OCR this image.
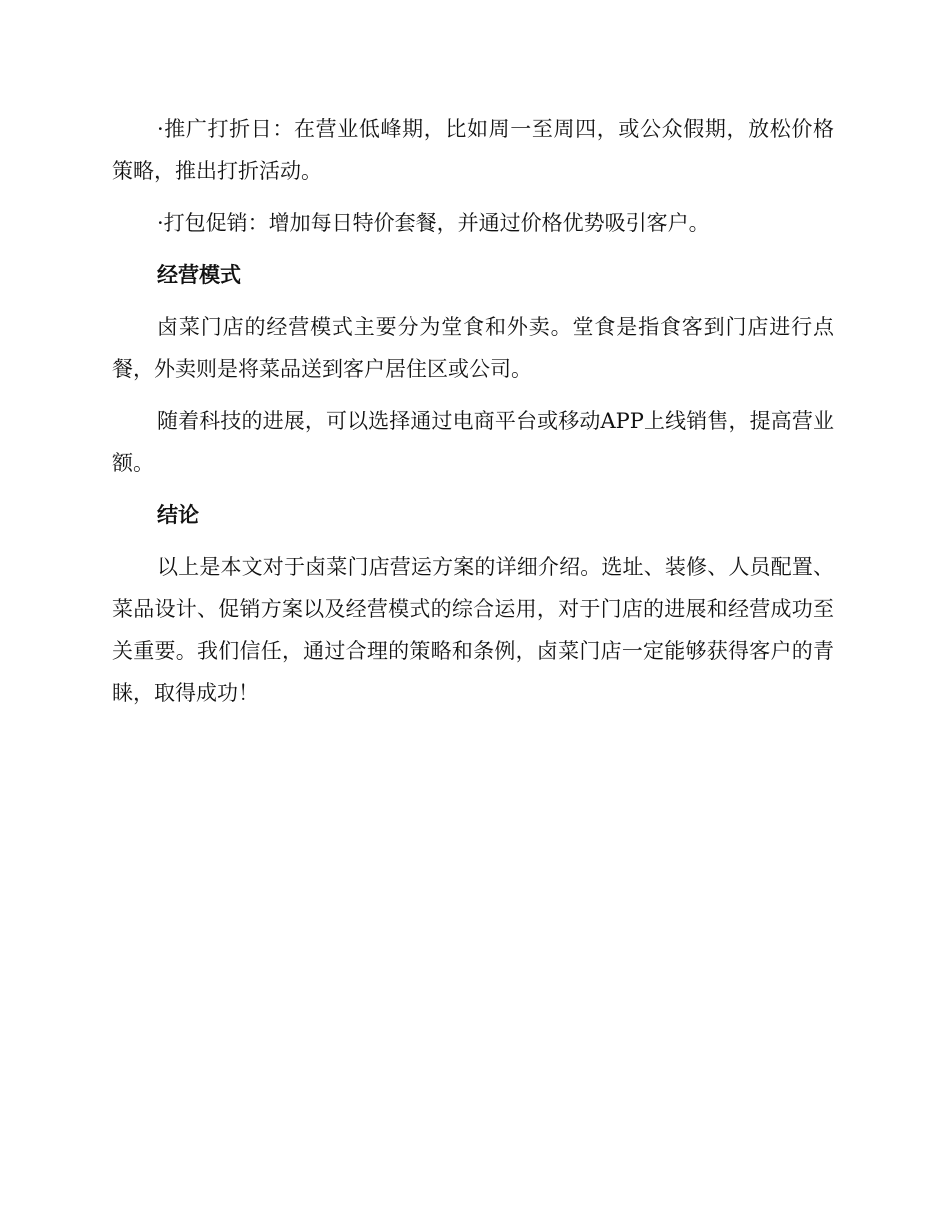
·推广打折日：在营业低峰期，比如周一至周四，或公众假期，放松价格策略，推出打折活动。

·打包促销：增加每日特价套餐，并通过价格优势吸引客户。

经营模式

卤菜门店的经营模式主要分为堂食和外卖。堂食是指食客到门店进行点餐，外卖则是将菜品送到客户居住区或公司。

随着科技的进展，可以选择通过电商平台或移动APP上线销售，提高营业额。

结论

以上是本文对于卤菜门店营运方案的详细介绍。选址、装修、人员配置、菜品设计、促销方案以及经营模式的综合运用，对于门店的进展和经营成功至关重要。我们信任，通过合理的策略和条例，卤菜门店一定能够获得客户的青睐，取得成功！
